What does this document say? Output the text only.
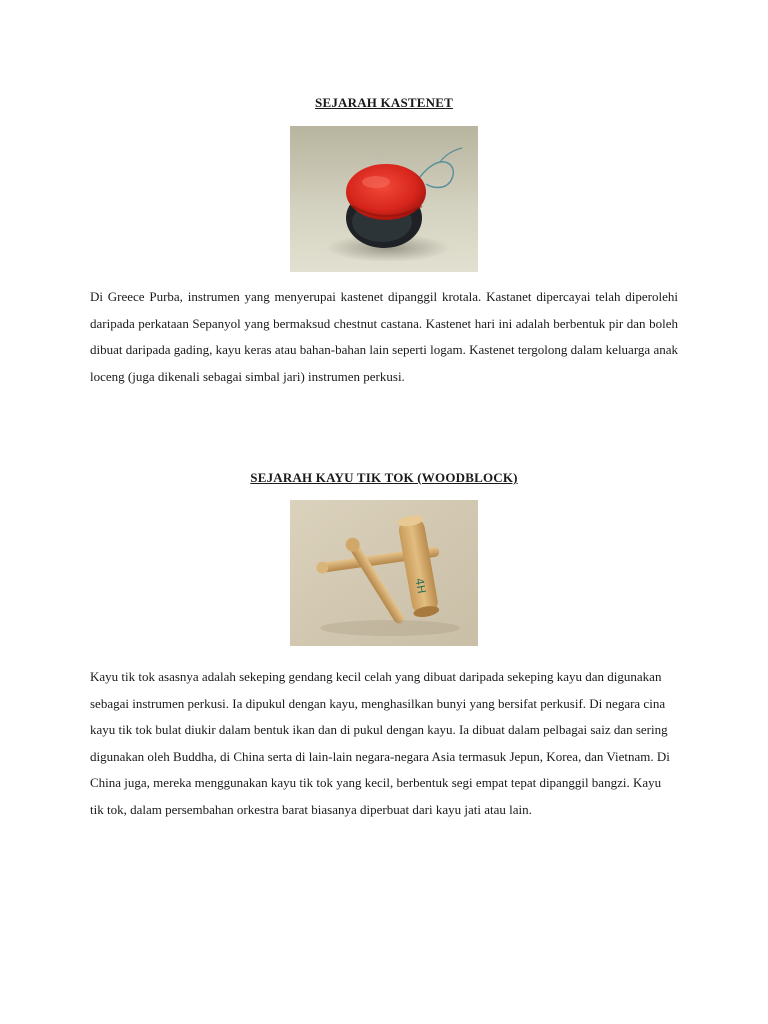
SEJARAH KASTENET

Di Greece Purba, instrumen yang menyerupai kastenet dipanggil krotala. Kastanet dipercayai telah diperolehi daripada perkataan Sepanyol yang bermaksud chestnut castana. Kastenet hari ini adalah berbentuk pir dan boleh dibuat daripada gading, kayu keras atau bahan-bahan lain seperti logam. Kastenet tergolong dalam keluarga anak loceng (juga dikenali sebagai simbal jari) instrumen perkusi.

SEJARAH KAYU TIK TOK (WOODBLOCK)
4H

Kayu tik tok asasnya adalah sekeping gendang kecil celah yang dibuat daripada sekeping kayu dan digunakan sebagai instrumen perkusi. Ia dipukul dengan kayu, menghasilkan bunyi yang bersifat perkusif. Di negara cina kayu tik tok bulat diukir dalam bentuk ikan dan di pukul dengan kayu. Ia dibuat dalam pelbagai saiz dan sering digunakan oleh Buddha, di China serta di lain-lain negara-negara Asia termasuk Jepun, Korea, dan Vietnam. Di China juga, mereka menggunakan kayu tik tok yang kecil, berbentuk segi empat tepat dipanggil bangzi. Kayu tik tok, dalam persembahan orkestra barat biasanya diperbuat dari kayu jati atau lain.
